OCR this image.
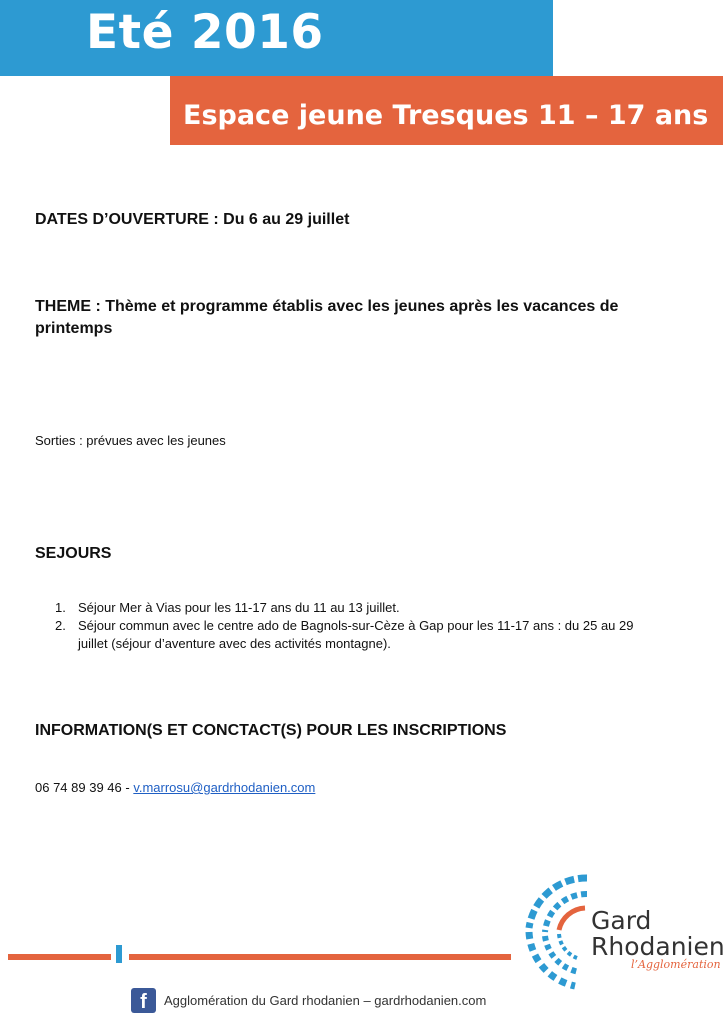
Eté 2016
Espace jeune Tresques 11 – 17 ans
DATES D’OUVERTURE : Du 6 au 29 juillet
THEME : Thème et programme établis avec les jeunes après les vacances de printemps
Sorties : prévues avec les jeunes
SEJOURS
1. Séjour Mer à Vias pour les 11-17 ans du 11 au 13 juillet.
2. Séjour commun avec le centre ado de Bagnols-sur-Cèze à Gap pour les 11-17 ans : du 25 au 29 juillet (séjour d’aventure avec des activités montagne).
INFORMATION(S ET CONCTACT(S) POUR LES INSCRIPTIONS
06 74 89 39 46 - v.marrosu@gardrhodanien.com
Gard
Rhodanien
l’Agglomération
f	Agglomération du Gard rhodanien – gardrhodanien.com
